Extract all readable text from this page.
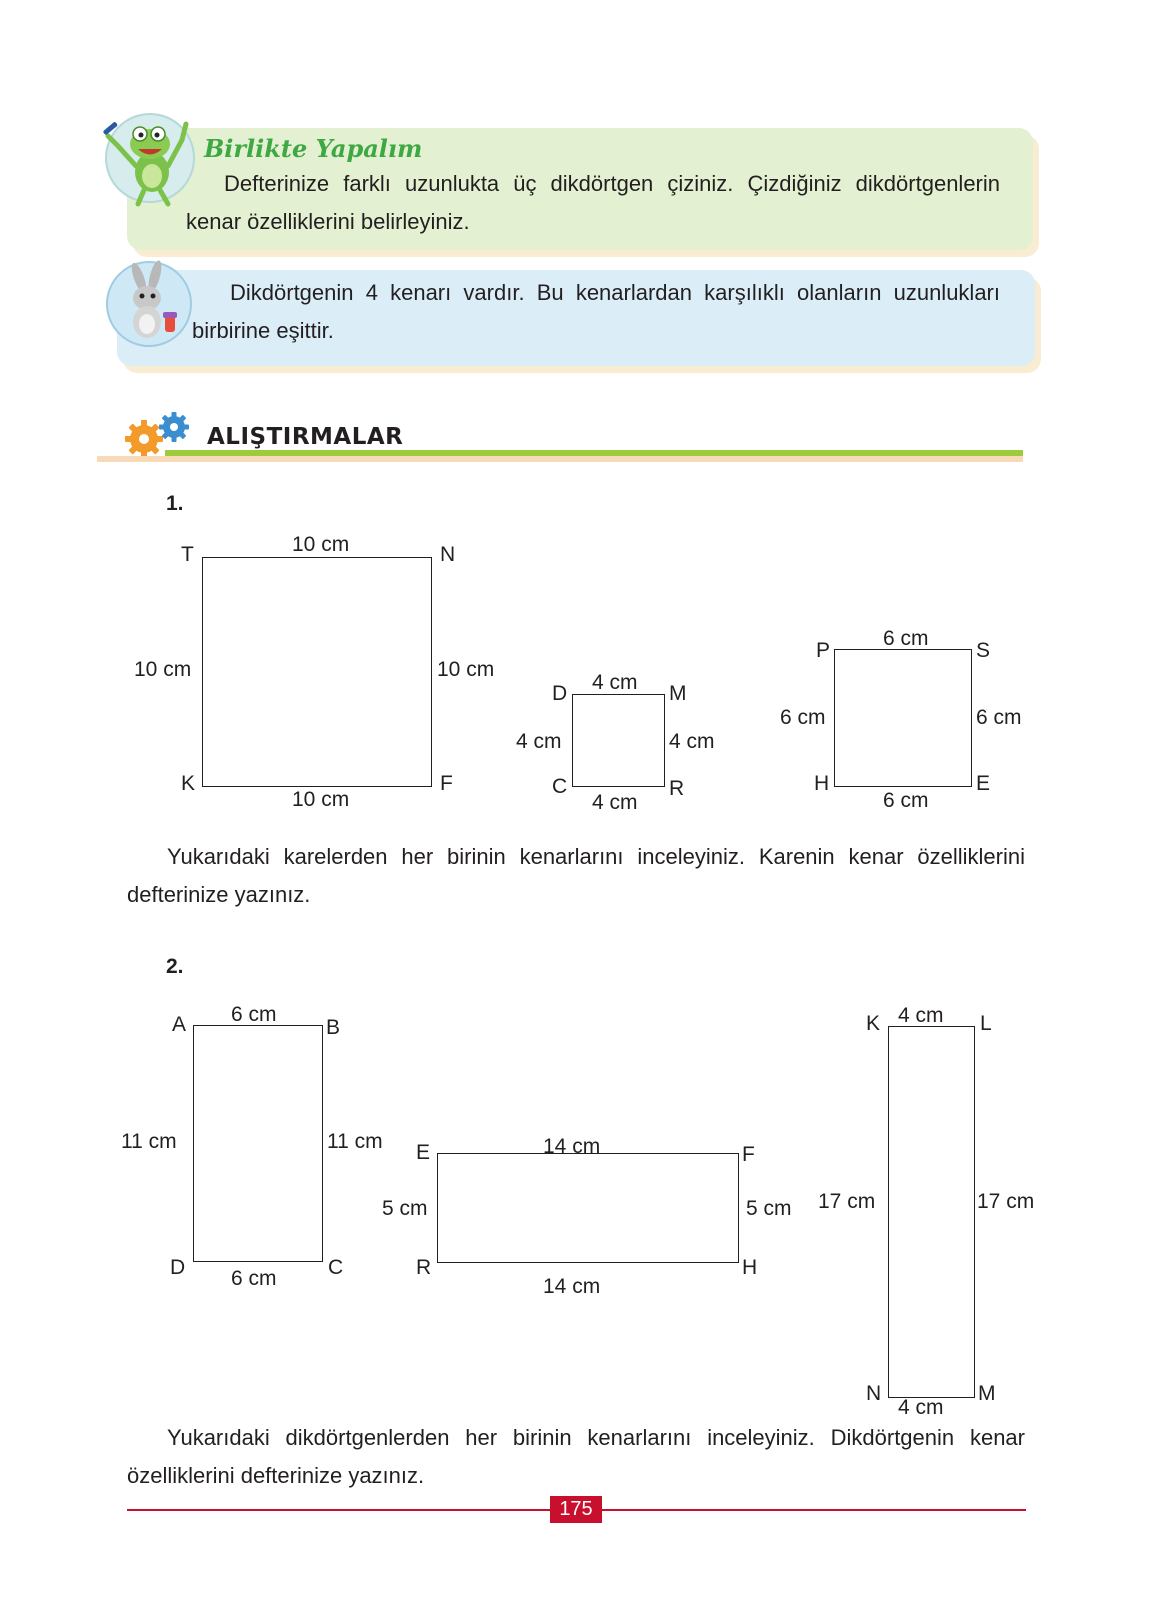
Birlikte Yapalım
Defterinize farklı uzunlukta üç dikdörtgen çiziniz. Çizdiğiniz dikdörtgenlerin kenar özelliklerini belirleyiniz.
Dikdörtgenin 4 kenarı vardır. Bu kenarlardan karşılıklı olanların uzunlukları birbirine eşittir.
ALIŞTIRMALAR
1.
T	N
F
K
10 cm
10 cm
10 cm	10 cm
D	M
R
C
4 cm
4 cm
4 cm	4 cm
P	S
E
H
6 cm
6 cm
6 cm	6 cm
Yukarıdaki karelerden her birinin kenarlarını inceleyiniz. Karenin kenar özelliklerini defterinize yazınız.
2.
A	B
C
D
6 cm
6 cm
11 cm	11 cm E	F
H
R
14 cm
14 cm
5 cm	5 cm
K	L
M
N
4 cm
4 cm
17 cm	17 cm
Yukarıdaki dikdörtgenlerden her birinin kenarlarını inceleyiniz. Dikdörtgenin kenar özelliklerini defterinize yazınız.
175
